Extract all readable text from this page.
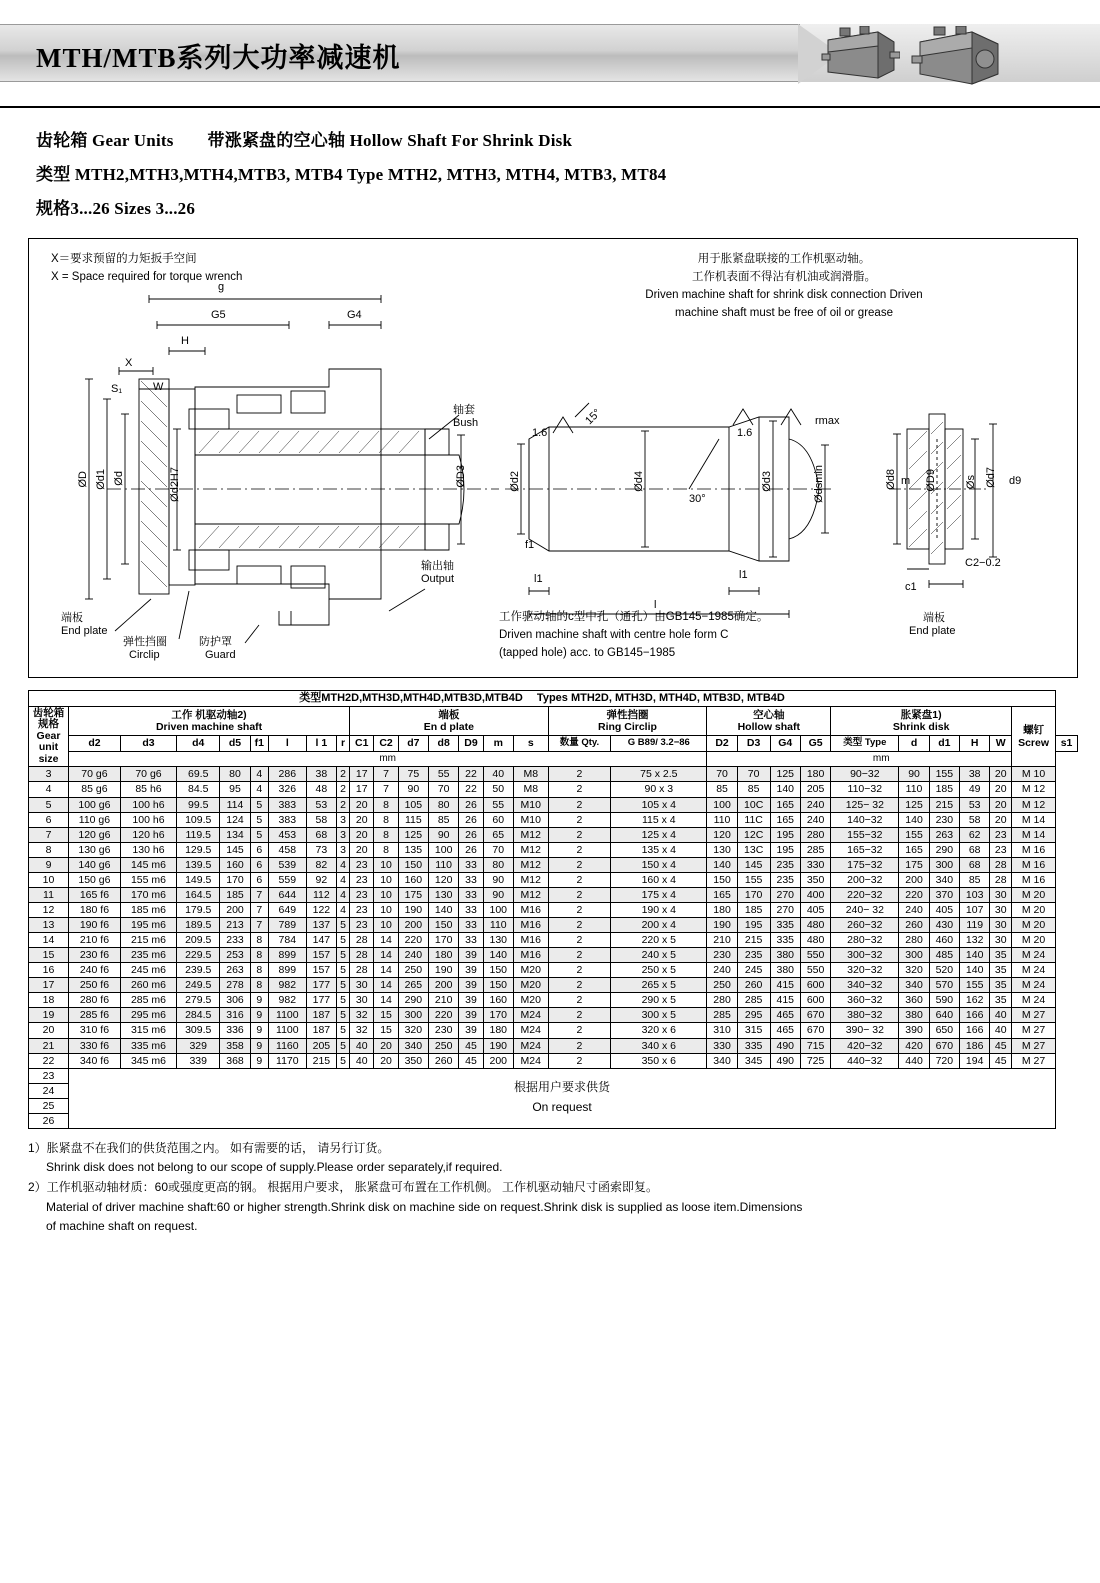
MTH/MTB系列大功率减速机
齿轮箱 Gear Units 带涨紧盘的空心轴 Hollow Shaft For Shrink Disk
类型 MTH2,MTH3,MTH4,MTB3, MTB4 Type MTH2, MTH3, MTH4, MTB3, MT84
规格3...26 Sizes 3...26
X＝要求预留的力矩扳手空间
X = Space required for torque wrench
用于胀紧盘联接的工作机驱动轴。
工作机表面不得沾有机油或润滑脂。
Driven machine shaft for shrink disk connection Driven
machine shaft must be free of oil or grease
工作驱动轴的c型中孔（通孔）由GB145−1985确定。
Driven machine shaft with centre hole form C
(tapped hole) acc. to GB145−1985
g
G5	G4
H
X
S₁	W
ØD Ød1 Ød	Ød2H7	ØD3
轴套
Bush
输出轴
Output
端板
End plate
弹性挡圈
Circlip
防护罩
Guard
1.6
15°
1.6
rmax
Ød2	Ød4	Ød3	Ødsmin
30°
f1
l1	l1
l
Ød8	ØD9	Øs Ød7 d9
m
C2−0.2
c1
端板
End plate
类型MTH2D,MTH3D,MTH4D,MTB3D,MTB4D　 Types MTH2D, MTH3D, MTH4D, MTB3D, MTB4D																												

齿轮箱规格
Gear unit size

工作 机驱动轴2)
Driven machine shaft

端板
En d plate

弹性挡圈
Ring Circlip

空心轴
Hollow shaft

胀紧盘1)
Shrink disk	螺钉
Screw

	d2	d3	d4	d5	f1	l	l 1	r	C1	C2	d7	d8	D9	m	s	数量 Qty.	G B89/ 3.2−86	D2	D3	G4	G5	类型 Type	d	d1	H	W		s1
	mm																	mm										
3	70 g6	70 g6	69.5	80	4	286	38	2	17	7	75	55	22	40	M8	2	75 x 2.5	70	70	125	180	90−32	90	155	38	20	M 10	
4	85 g6	85 h6	84.5	95	4	326	48	2	17	7	90	70	22	50	M8	2	90 x 3	85	85	140	205	110−32	110	185	49	20	M 12	
5	100 g6	100 h6	99.5	114	5	383	53	2	20	8	105	80	26	55	M10	2	105 x 4	100	10C	165	240	125− 32	125	215	53	20	M 12	
6	110 g6	100 h6	109.5	124	5	383	58	3	20	8	115	85	26	60	M10	2	115 x 4	110	11C	165	240	140−32	140	230	58	20	M 14	
7	120 g6	120 h6	119.5	134	5	453	68	3	20	8	125	90	26	65	M12	2	125 x 4	120	12C	195	280	155−32	155	263	62	23	M 14	
8	130 g6	130 h6	129.5	145	6	458	73	3	20	8	135	100	26	70	M12	2	135 x 4	130	13C	195	285	165−32	165	290	68	23	M 16	
9	140 g6	145 m6	139.5	160	6	539	82	4	23	10	150	110	33	80	M12	2	150 x 4	140	145	235	330	175−32	175	300	68	28	M 16	
10	150 g6	155 m6	149.5	170	6	559	92	4	23	10	160	120	33	90	M12	2	160 x 4	150	155	235	350	200−32	200	340	85	28	M 16	
11	165 f6	170 m6	164.5	185	7	644	112	4	23	10	175	130	33	90	M12	2	175 x 4	165	170	270	400	220−32	220	370	103	30	M 20	
12	180 f6	185 m6	179.5	200	7	649	122	4	23	10	190	140	33	100	M16	2	190 x 4	180	185	270	405	240− 32	240	405	107	30	M 20	
13	190 f6	195 m6	189.5	213	7	789	137	5	23	10	200	150	33	110	M16	2	200 x 4	190	195	335	480	260−32	260	430	119	30	M 20	
14	210 f6	215 m6	209.5	233	8	784	147	5	28	14	220	170	33	130	M16	2	220 x 5	210	215	335	480	280−32	280	460	132	30	M 20	
15	230 f6	235 m6	229.5	253	8	899	157	5	28	14	240	180	39	140	M16	2	240 x 5	230	235	380	550	300−32	300	485	140	35	M 24	
16	240 f6	245 m6	239.5	263	8	899	157	5	28	14	250	190	39	150	M20	2	250 x 5	240	245	380	550	320−32	320	520	140	35	M 24	
17	250 f6	260 m6	249.5	278	8	982	177	5	30	14	265	200	39	150	M20	2	265 x 5	250	260	415	600	340−32	340	570	155	35	M 24	
18	280 f6	285 m6	279.5	306	9	982	177	5	30	14	290	210	39	160	M20	2	290 x 5	280	285	415	600	360−32	360	590	162	35	M 24	
19	285 f6	295 m6	284.5	316	9	1100	187	5	32	15	300	220	39	170	M24	2	300 x 5	285	295	465	670	380−32	380	640	166	40	M 27	
20	310 f6	315 m6	309.5	336	9	1100	187	5	32	15	320	230	39	180	M24	2	320 x 6	310	315	465	670	390− 32	390	650	166	40	M 27	
21	330 f6	335 m6	329	358	9	1160	205	5	40	20	340	250	45	190	M24	2	340 x 6	330	335	490	715	420−32	420	670	186	45	M 27	
22	340 f6	345 m6	339	368	9	1170	215	5	40	20	350	260	45	200	M24	2	350 x 6	340	345	490	725	440−32	440	720	194	45	M 27	
23	根据用户要求供货
On request																											

24																												
25																												
26																												
1）胀紧盘不在我们的供货范围之内。 如有需要的话， 请另行订货。
Shrink disk does not belong to our scope of supply.Please order separately,if required.
2）工作机驱动轴材质：60或强度更高的钢。 根据用户要求， 胀紧盘可布置在工作机侧。 工作机驱动轴尺寸函索即复。
Material of driver machine shaft:60 or higher strength.Shrink disk on machine side on request.Shrink disk is supplied as loose item.Dimensions
of machine shaft on request.
